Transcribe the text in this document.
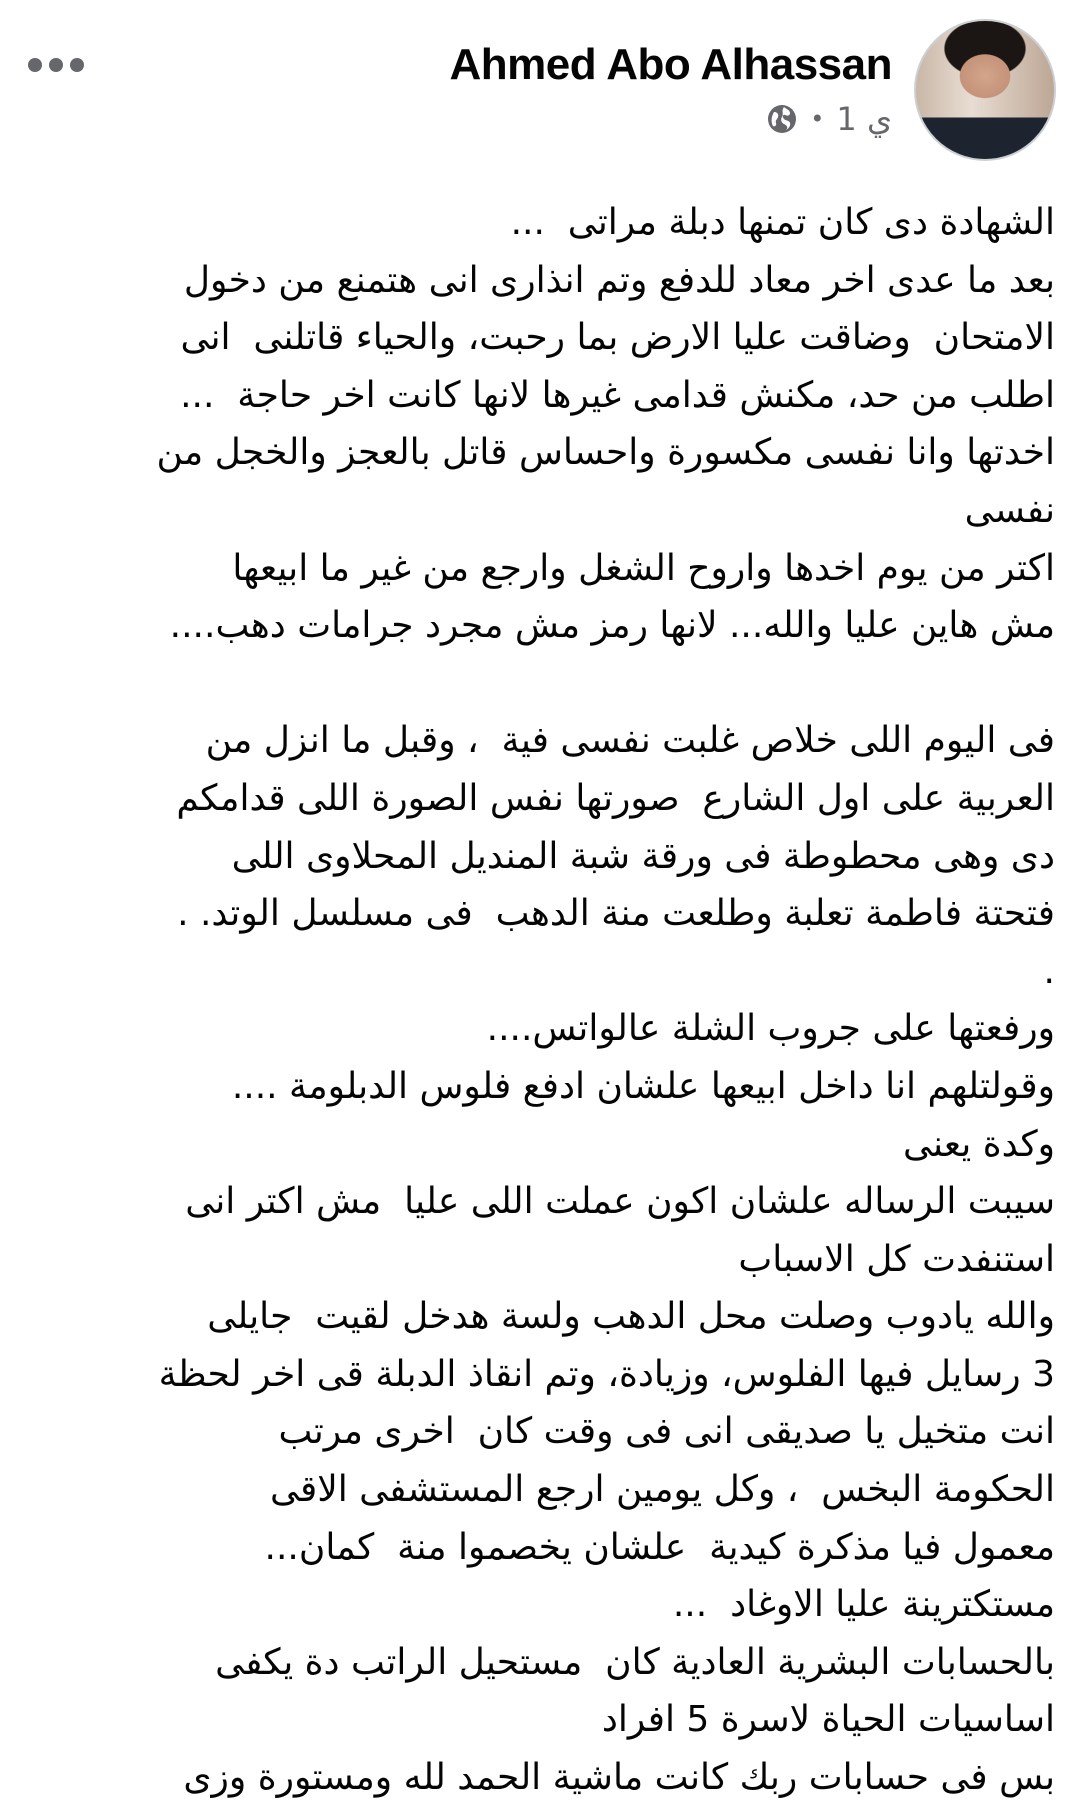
Ahmed Abo Alhassan
• 1 ي
الشهادة دى كان تمنها دبلة مراتى  ...
بعد ما عدى اخر معاد للدفع وتم انذارى انى هتمنع من دخول
الامتحان  وضاقت عليا الارض بما رحبت، والحياء قاتلنى  انى
اطلب من حد، مكنش قدامى غيرها لانها كانت اخر حاجة  ...
اخدتها وانا نفسى مكسورة واحساس قاتل بالعجز والخجل من
نفسى
اكتر من يوم اخدها واروح الشغل وارجع من غير ما ابيعها
مش هاين عليا والله... لانها رمز مش مجرد جرامات دهب....
فى اليوم اللى خلاص غلبت نفسى فية  ، وقبل ما انزل من
العربية على اول الشارع  صورتها نفس الصورة اللى قدامكم
دى وهى محطوطة فى ورقة شبة المنديل المحلاوى اللى
فتحتة فاطمة تعلبة وطلعت منة الدهب  فى مسلسل الوتد. .
.
ورفعتها على جروب الشلة عالواتس....
وقولتلهم انا داخل ابيعها علشان ادفع فلوس الدبلومة ....
وكدة يعنى
سيبت الرساله علشان اكون عملت اللى عليا  مش اكتر انى
استنفدت كل الاسباب
والله يادوب وصلت محل الدهب ولسة هدخل لقيت  جايلى
3 رسايل فيها الفلوس، وزيادة، وتم انقاذ الدبلة قى اخر لحظة
انت متخيل يا صديقى انى فى وقت كان  اخرى مرتب
الحكومة البخس  ، وكل يومين ارجع المستشفى الاقى
معمول فيا مذكرة كيدية  علشان يخصموا منة  كمان...
مستكترينة عليا الاوغاد  ...
بالحسابات البشرية العادية كان  مستحيل الراتب دة يكفى
اساسيات الحياة لاسرة 5 افراد
بس فى حسابات ربك كانت ماشية الحمد لله ومستورة وزى
